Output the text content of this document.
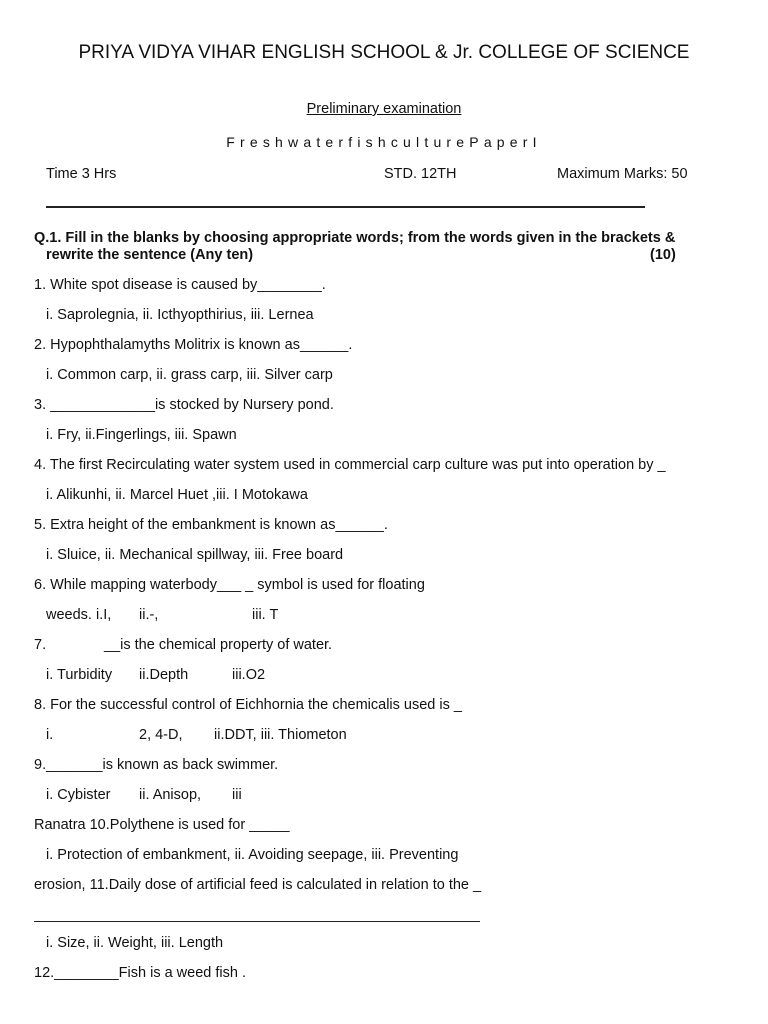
PRIYA VIDYA VIHAR ENGLISH SCHOOL & Jr. COLLEGE OF SCIENCE
Preliminary examination
FreshwaterfishculturePaperI
Time 3 Hrs	STD. 12TH	Maximum Marks: 50
Q.1. Fill in the blanks by choosing appropriate words; from the words given in the brackets &
rewrite the sentence (Any ten)	(10)
1. White spot disease is caused by________.
i. Saprolegnia, ii. Icthyopthirius, iii. Lernea
2. Hypophthalamyths Molitrix is known as______.
i. Common carp, ii. grass carp, iii. Silver carp
3. _____________is stocked by Nursery pond.
i. Fry, ii.Fingerlings, iii. Spawn
4. The first Recirculating water system used in commercial carp culture was put into operation by _
i. Alikunhi, ii. Marcel Huet ,iii. I Motokawa
5. Extra height of the embankment is known as______.
i. Sluice, ii. Mechanical spillway, iii. Free board
6. While mapping waterbody___ _ symbol is used for floating
weeds. i.I, ii.-,	iii. T
7.	__is the chemical property of water.
i. Turbidity ii.Depth	iii.O2
8. For the successful control of Eichhornia the chemicalis used is _
i.	2, 4-D, ii.DDT, iii. Thiometon
9._______is known as back swimmer.
i. Cybister ii. Anisop, iii
Ranatra 10.Polythene is used for _____
i. Protection of embankment, ii. Avoiding seepage, iii. Preventing
erosion, 11.Daily dose of artificial feed is calculated in relation to the _
i. Size, ii. Weight, iii. Length
12.________Fish is a weed fish .
